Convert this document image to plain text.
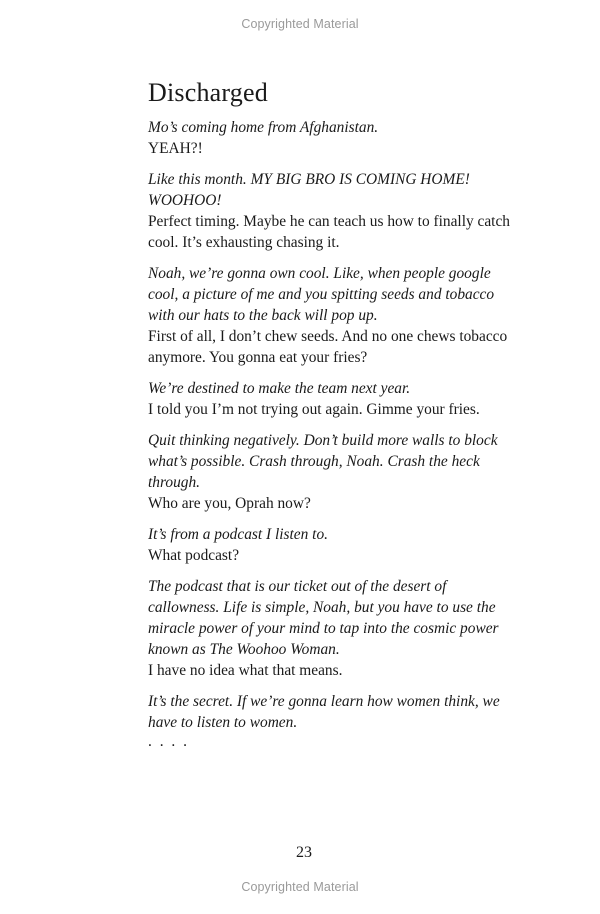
Copyrighted Material
Discharged

Mo’s coming home from Afghanistan.

YEAH?!

Like this month. MY BIG BRO IS COMING HOME! WOOHOO!

Perfect timing. Maybe he can teach us how to finally catch cool. It’s exhausting chasing it.

Noah, we’re gonna own cool. Like, when people google cool, a picture of me and you spitting seeds and tobacco with our hats to the back will pop up.

First of all, I don’t chew seeds. And no one chews tobacco anymore. You gonna eat your fries?

We’re destined to make the team next year.

I told you I’m not trying out again. Gimme your fries.

Quit thinking negatively. Don’t build more walls to block what’s possible. Crash through, Noah. Crash the heck through.

Who are you, Oprah now?

It’s from a podcast I listen to.

What podcast?

The podcast that is our ticket out of the desert of callowness. Life is simple, Noah, but you have to use the miracle power of your mind to tap into the cosmic power known as The Woohoo Woman.

I have no idea what that means.

It’s the secret. If we’re gonna learn how women think, we have to listen to women.

. . . .

23
Copyrighted Material
